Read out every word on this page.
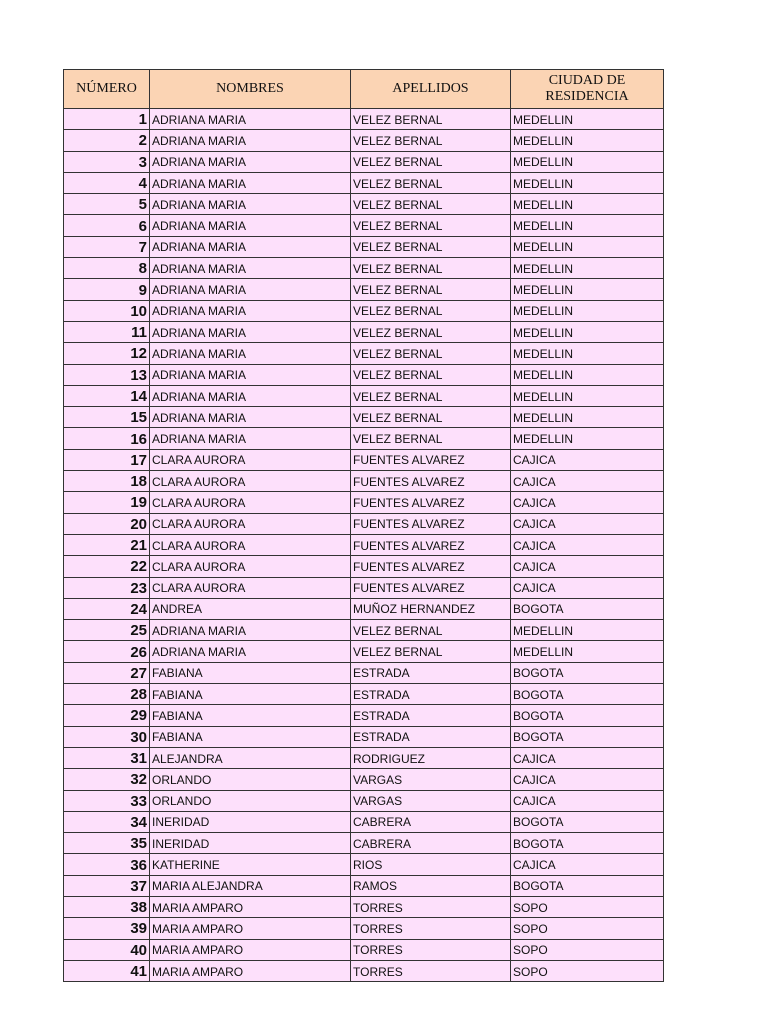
NÚMERO	NOMBRES	APELLIDOS	CIUDAD DE RESIDENCIA
1	ADRIANA MARIA	VELEZ BERNAL	MEDELLIN
2	ADRIANA MARIA	VELEZ BERNAL	MEDELLIN
3	ADRIANA MARIA	VELEZ BERNAL	MEDELLIN
4	ADRIANA MARIA	VELEZ BERNAL	MEDELLIN
5	ADRIANA MARIA	VELEZ BERNAL	MEDELLIN
6	ADRIANA MARIA	VELEZ BERNAL	MEDELLIN
7	ADRIANA MARIA	VELEZ BERNAL	MEDELLIN
8	ADRIANA MARIA	VELEZ BERNAL	MEDELLIN
9	ADRIANA MARIA	VELEZ BERNAL	MEDELLIN
10	ADRIANA MARIA	VELEZ BERNAL	MEDELLIN
11	ADRIANA MARIA	VELEZ BERNAL	MEDELLIN
12	ADRIANA MARIA	VELEZ BERNAL	MEDELLIN
13	ADRIANA MARIA	VELEZ BERNAL	MEDELLIN
14	ADRIANA MARIA	VELEZ BERNAL	MEDELLIN
15	ADRIANA MARIA	VELEZ BERNAL	MEDELLIN
16	ADRIANA MARIA	VELEZ BERNAL	MEDELLIN
17	CLARA AURORA	FUENTES ALVAREZ	CAJICA
18	CLARA AURORA	FUENTES ALVAREZ	CAJICA
19	CLARA AURORA	FUENTES ALVAREZ	CAJICA
20	CLARA AURORA	FUENTES ALVAREZ	CAJICA
21	CLARA AURORA	FUENTES ALVAREZ	CAJICA
22	CLARA AURORA	FUENTES ALVAREZ	CAJICA
23	CLARA AURORA	FUENTES ALVAREZ	CAJICA
24	ANDREA	MUÑOZ HERNANDEZ	BOGOTA
25	ADRIANA MARIA	VELEZ BERNAL	MEDELLIN
26	ADRIANA MARIA	VELEZ BERNAL	MEDELLIN
27	FABIANA	ESTRADA	BOGOTA
28	FABIANA	ESTRADA	BOGOTA
29	FABIANA	ESTRADA	BOGOTA
30	FABIANA	ESTRADA	BOGOTA
31	ALEJANDRA	RODRIGUEZ	CAJICA
32	ORLANDO	VARGAS	CAJICA
33	ORLANDO	VARGAS	CAJICA
34	INERIDAD	CABRERA	BOGOTA
35	INERIDAD	CABRERA	BOGOTA
36	KATHERINE	RIOS	CAJICA
37	MARIA ALEJANDRA	RAMOS	BOGOTA
38	MARIA AMPARO	TORRES	SOPO
39	MARIA AMPARO	TORRES	SOPO
40	MARIA AMPARO	TORRES	SOPO
41	MARIA AMPARO	TORRES	SOPO
